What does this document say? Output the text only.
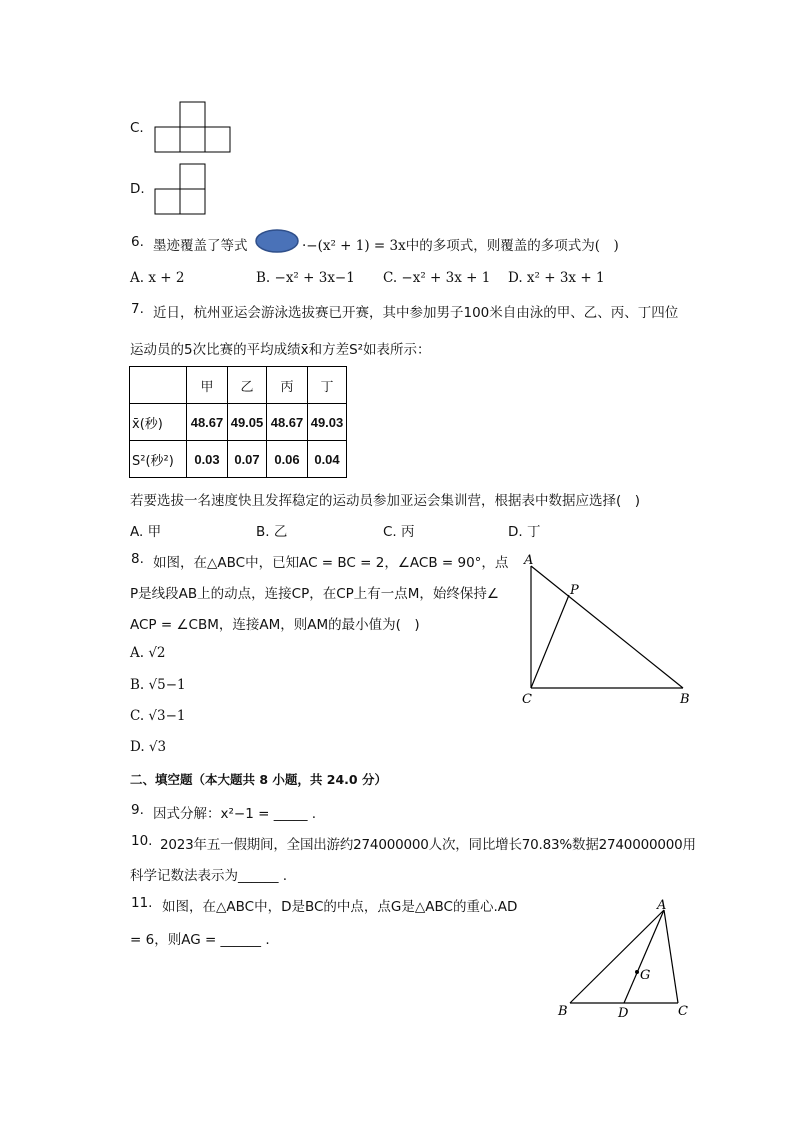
C.
D.
6. 墨迹覆盖了等式	·−(x² + 1) = 3x中的多项式，则覆盖的多项式为(　)
A. x + 2	B. −x² + 3x−1 C. −x² + 3x + 1 D. x² + 3x + 1
7. 近日，杭州亚运会游泳选拔赛已开赛，其中参加男子100米自由泳的甲、乙、丙、丁四位
运动员的5次比赛的平均成绩x̄和方差S²如表所示：
	甲	乙	丙	丁
x̄(秒)	48.67	49.05	48.67	49.03
S²(秒²)	0.03	0.07	0.06	0.04
若要选拔一名速度快且发挥稳定的运动员参加亚运会集训营，根据表中数据应选择(　)
A. 甲	B. 乙	C. 丙	D. 丁
8. 如图，在△ABC中，已知AC = BC = 2，∠ACB = 90°，点
P是线段AB上的动点，连接CP，在CP上有一点M，始终保持∠
ACP = ∠CBM，连接AM，则AM的最小值为(　)
A. √2
B. √5−1
C. √3−1
D. √3
A
P
C	B
二、填空题（本大题共 8 小题，共 24.0 分）
9. 因式分解：x²−1 = _____ .
10. 2023年五一假期间，全国出游约274000000人次，同比增长70.83%数据2740000000用
科学记数法表示为______ .
11. 如图，在△ABC中，D是BC的中点，点G是△ABC的重心.AD
= 6，则AG = ______ .
A
G
B	D	C
